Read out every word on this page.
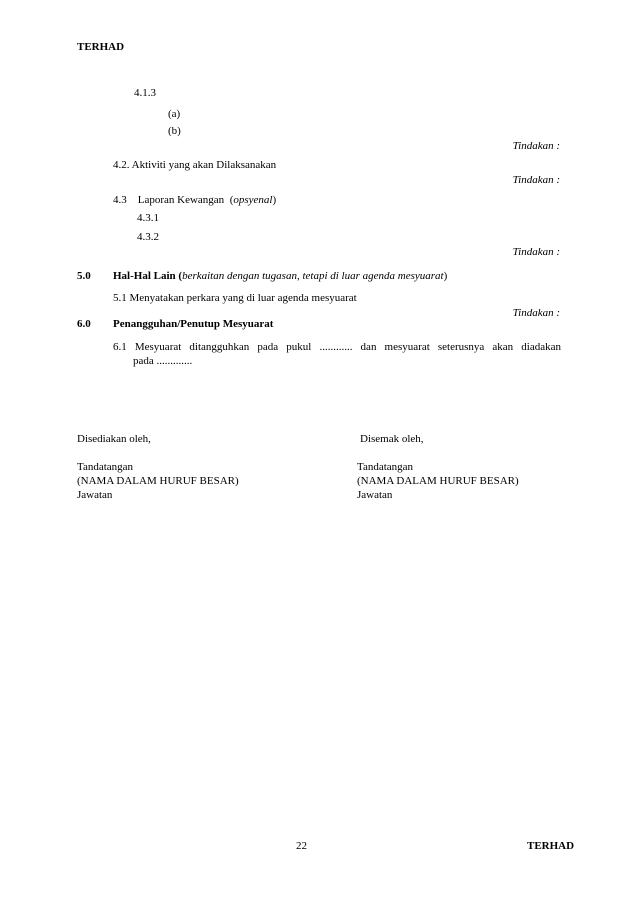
TERHAD
4.1.3
(a)
(b)
Tindakan :
4.2. Aktiviti yang akan Dilaksanakan
Tindakan :
4.3 Laporan Kewangan  (opsyenal)
4.3.1
4.3.2
Tindakan :
5.0 Hal-Hal Lain (berkaitan dengan tugasan, tetapi di luar agenda mesyuarat)
5.1 Menyatakan perkara yang di luar agenda mesyuarat
Tindakan :
6.0 Penangguhan/Penutup Mesyuarat
6.1 Mesyuarat ditangguhkan pada pukul ............ dan mesyuarat seterusnya akan diadakan
pada .............
Disediakan oleh,
Tandatangan
(NAMA DALAM HURUF BESAR)
Jawatan
Disemak oleh,
Tandatangan
(NAMA DALAM HURUF BESAR)
Jawatan
22	TERHAD
